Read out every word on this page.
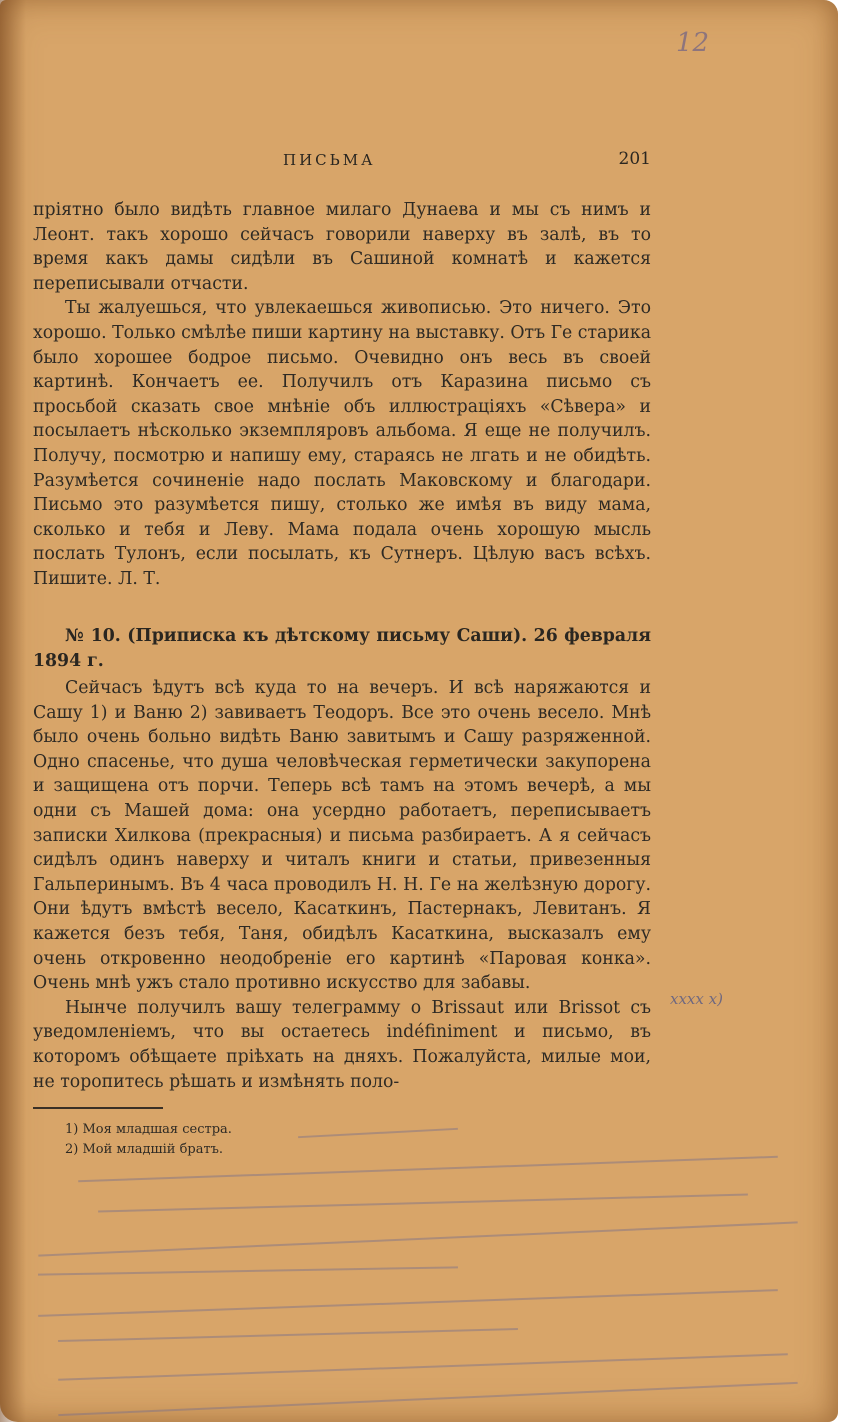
12
ПИСЬМА	201

пріятно было видѣть главное милаго Дунаева и мы съ нимъ и Леонт. такъ хорошо сейчасъ говорили наверху въ залѣ, въ то время какъ дамы сидѣли въ Сашиной комнатѣ и кажется переписывали отчасти.

Ты жалуешься, что увлекаешься живописью. Это ничего. Это хорошо. Только смѣлѣе пиши картину на выставку. Отъ Ге старика было хорошее бодрое письмо. Очевидно онъ весь въ своей картинѣ. Кончаетъ ее. Получилъ отъ Каразина письмо съ просьбой сказать свое мнѣніе объ иллюстраціяхъ «Сѣвера» и посылаетъ нѣсколько экземпляровъ альбома. Я еще не получилъ. Получу, посмотрю и напишу ему, стараясь не лгать и не обидѣть. Разумѣется сочиненіе надо послать Маковскому и благодари. Письмо это разумѣется пишу, столько же имѣя въ виду мама, сколько и тебя и Леву. Мама подала очень хорошую мысль послать Тулонъ, если посылать, къ Сутнеръ. Цѣлую васъ всѣхъ. Пишите. Л. Т.

№ 10. (Приписка къ дѣтскому письму Саши). 26 февраля 1894 г.

Сейчасъ ѣдутъ всѣ куда то на вечеръ. И всѣ наряжаются и Сашу 1) и Ваню 2) завиваетъ Теодоръ. Все это очень весело. Мнѣ было очень больно видѣть Ваню завитымъ и Сашу разряженной. Одно спасенье, что душа человѣческая герметически закупорена и защищена отъ порчи. Теперь всѣ тамъ на этомъ вечерѣ, а мы одни съ Машей дома: она усердно работаетъ, переписываетъ записки Хилкова (прекрасныя) и письма разбираетъ. А я сейчасъ сидѣлъ одинъ наверху и читалъ книги и статьи, привезенныя Гальперинымъ. Въ 4 часа проводилъ Н. Н. Ге на желѣзную дорогу. Они ѣдутъ вмѣстѣ весело, Касаткинъ, Пастернакъ, Левитанъ. Я кажется безъ тебя, Таня, обидѣлъ Касаткина, высказалъ ему очень откровенно неодобреніе его картинѣ «Паровая конка». Очень мнѣ ужъ стало противно искусство для забавы.

Нынче получилъ вашу телеграмму о Brissaut или Brissot съ уведомленіемъ, что вы остаетесь indéfiniment и письмо, въ которомъ обѣщаете пріѣхать на дняхъ. Пожалуйста, милые мои, не торопитесь рѣшать и измѣнять поло-

xxxx x)
1) Моя младшая сестра.
2) Мой младшій братъ.
